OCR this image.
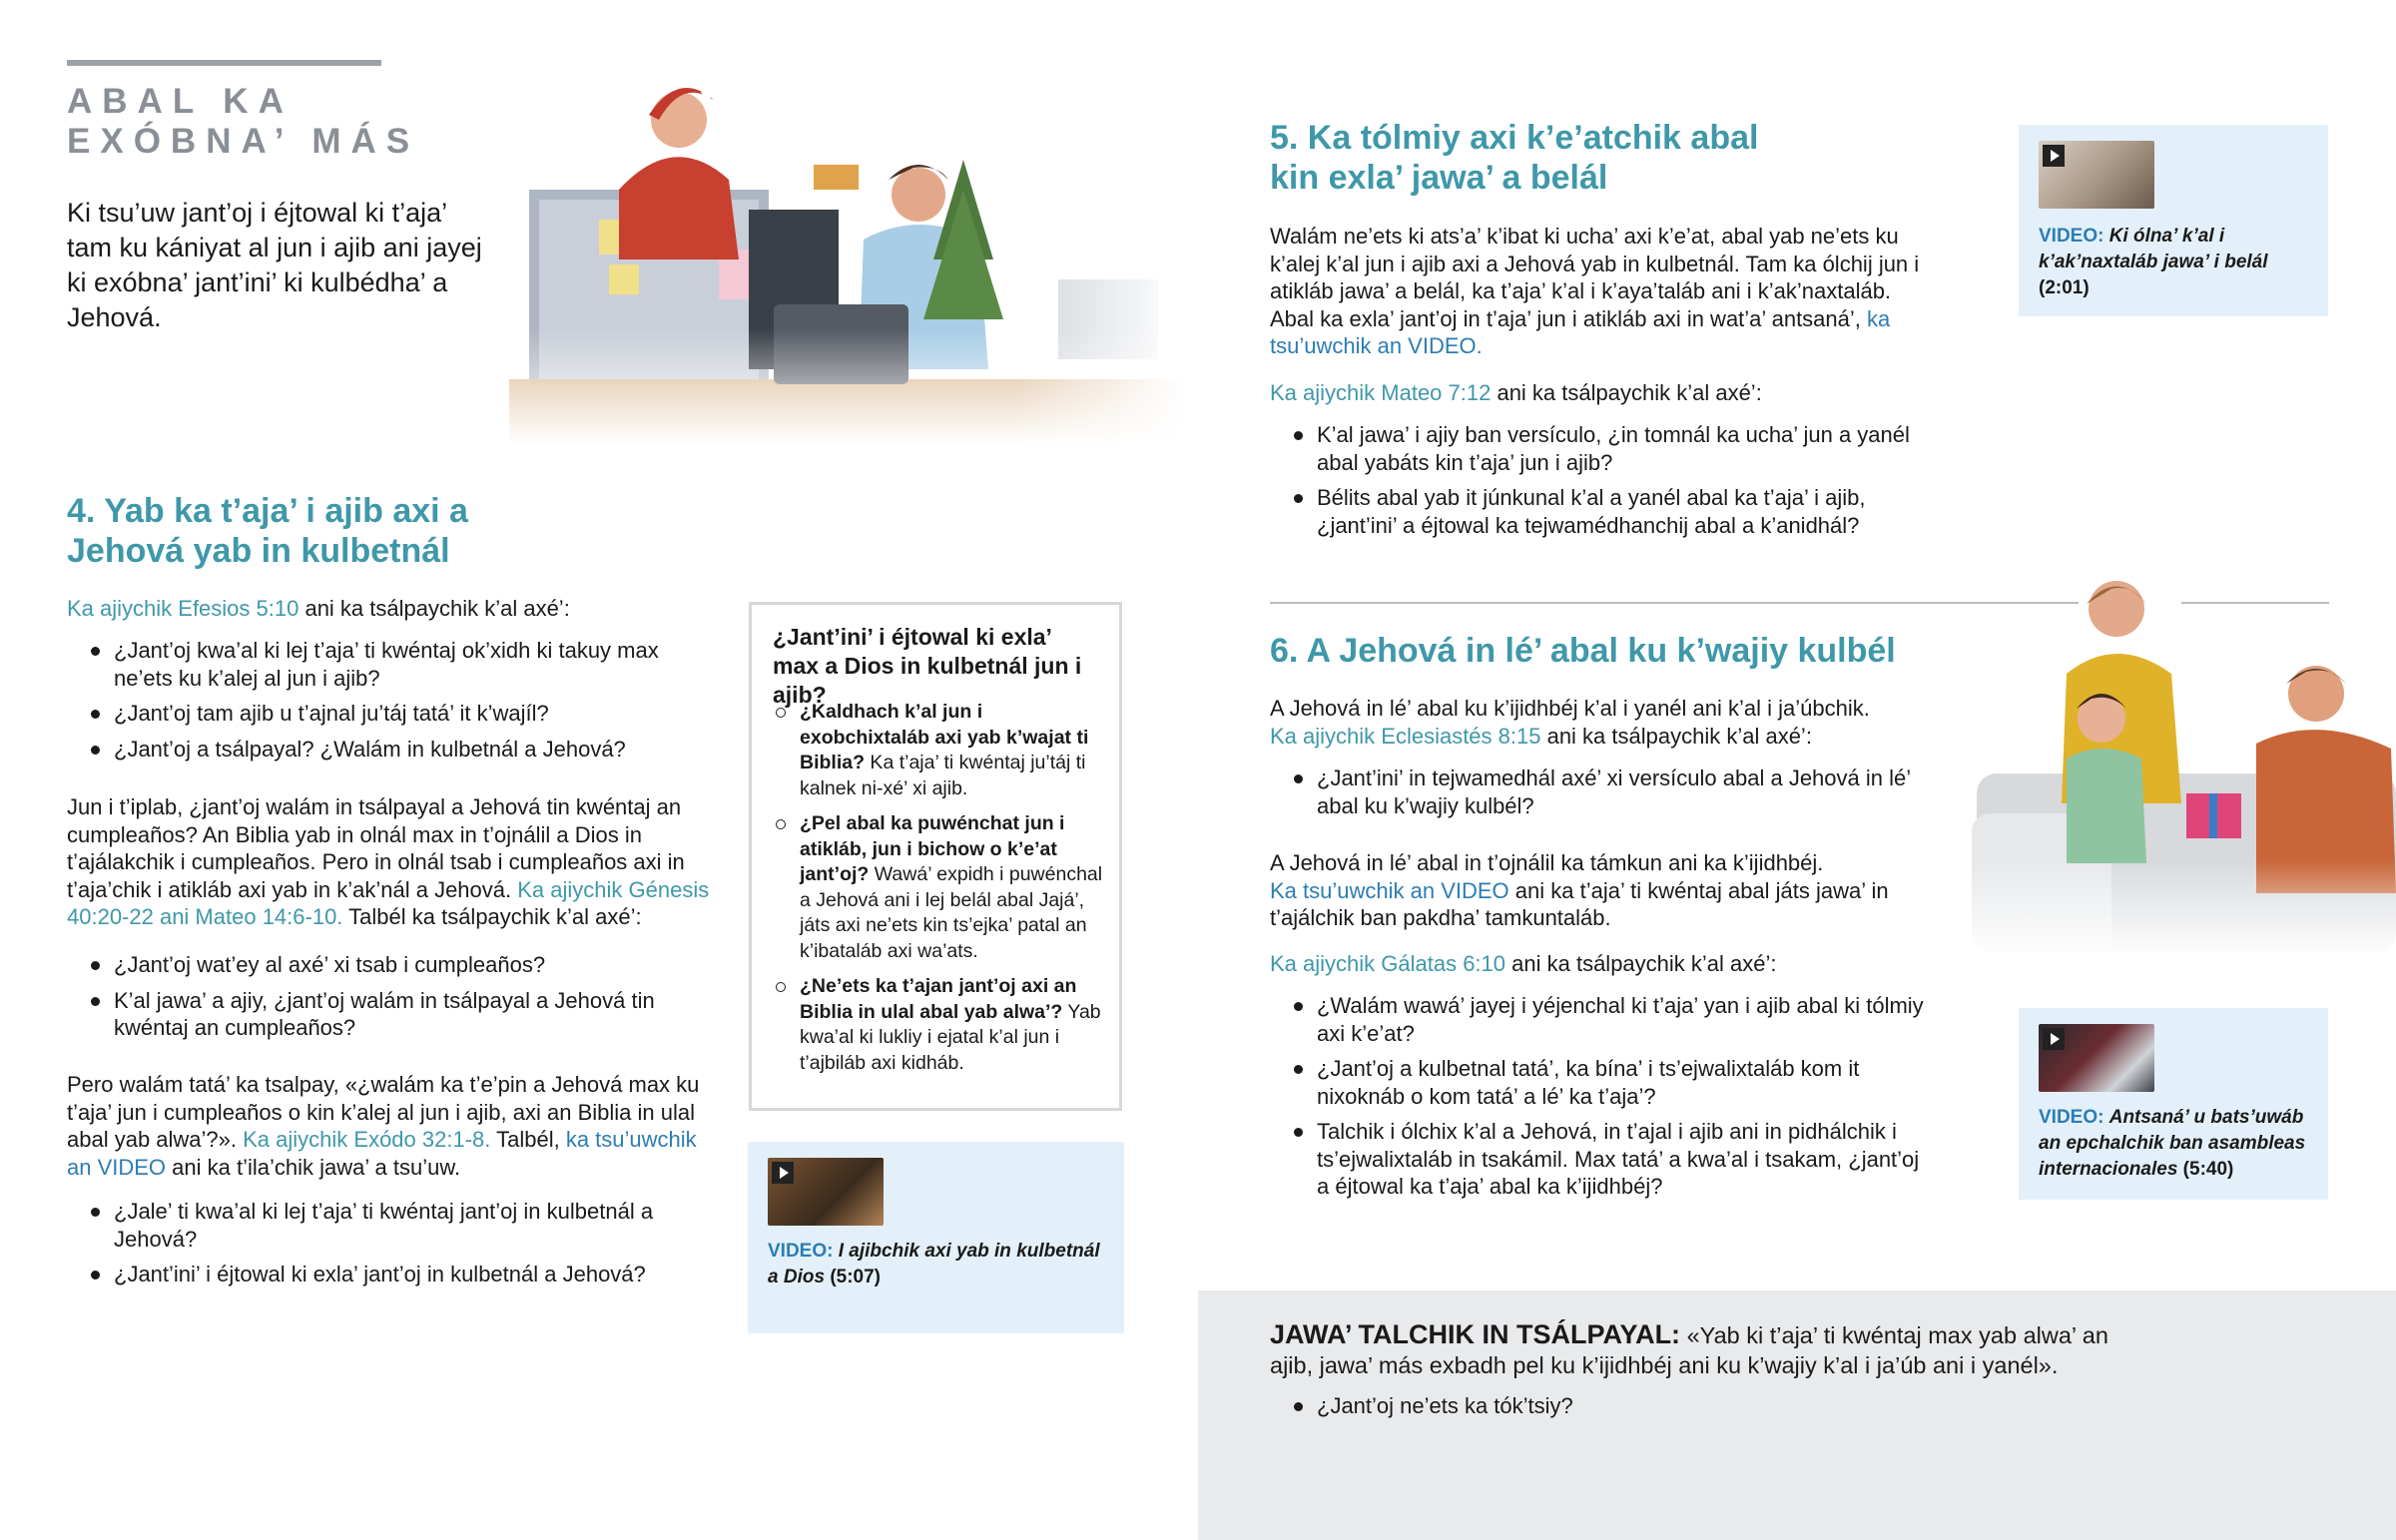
ABAL KA
EXÓBNA’ MÁS
Ki tsu’uw jant’oj i éjtowal ki t’aja’ tam ku kániyat al jun i ajib ani jayej ki exóbna’ jant’ini’ ki kulbédha’ a Jehová.
4. Yab ka t’aja’ i ajib axi a
Jehová yab in kulbetnál
Ka ajiychik Efesios 5:10 ani ka tsálpaychik k’al axé’:
¿Jant’oj kwa’al ki lej t’aja’ ti kwéntaj ok’xidh ki takuy max ne’ets ku k’alej al jun i ajib?
¿Jant’oj tam ajib u t’ajnal ju’táj tatá’ it k’wajíl?
¿Jant’oj a tsálpayal? ¿Walám in kulbetnál a Jehová?
Jun i t’iplab, ¿jant’oj walám in tsálpayal a Jehová tin kwéntaj an cumpleaños? An Biblia yab in olnál max in t’ojnálil a Dios in t’ajálakchik i cumpleaños. Pero in olnál tsab i cumpleaños axi in t’aja’chik i atikláb axi yab in k’ak’nál a Jehová. Ka ajiychik Génesis 40:20-22 ani Mateo 14:6-10. Talbél ka tsálpaychik k’al axé’:
¿Jant’oj wat’ey al axé’ xi tsab i cumpleaños?
K’al jawa’ a ajiy, ¿jant’oj walám in tsálpayal a Jehová tin kwéntaj an cumpleaños?
Pero walám tatá’ ka tsalpay, «¿walám ka t’e’pin a Jehová max ku t’aja’ jun i cumpleaños o kin k’alej al jun i ajib, axi an Biblia in ulal abal yab alwa’?». Ka ajiychik Exódo 32:1-8. Talbél, ka tsu’uwchik an VIDEO ani ka t’ila’chik jawa’ a tsu’uw.
¿Jale’ ti kwa’al ki lej t’aja’ ti kwéntaj jant’oj in kulbetnál a Jehová?
¿Jant’ini’ i éjtowal ki exla’ jant’oj in kulbetnál a Jehová?
¿Jant’ini’ i éjtowal ki exla’ max a Dios in kulbetnál jun i ajib?
¿Kaldhach k’al jun i exobchixtaláb axi yab k’wajat ti Biblia? Ka t’aja’ ti kwéntaj ju’táj ti kalnek ni-xé’ xi ajib.
¿Pel abal ka puwénchat jun i atikláb, jun i bichow o k’e’at jant’oj? Wawá’ expidh i puwénchal a Jehová ani i lej belál abal Jajá’, játs axi ne’ets kin ts’ejka’ patal an k’ibataláb axi wa’ats.
¿Ne’ets ka t’ajan jant’oj axi an Biblia in ulal abal yab alwa’? Yab kwa’al ki lukliy i ejatal k’al jun i t’ajbiláb axi kidháb.
VIDEO: I ajibchik axi yab in kulbetnál a Dios (5:07)
5. Ka tólmiy axi k’e’atchik abal
kin exla’ jawa’ a belál
Walám ne’ets ki ats’a’ k’ibat ki ucha’ axi k’e’at, abal yab ne’ets ku k’alej k’al jun i ajib axi a Jehová yab in kulbetnál. Tam ka ólchij jun i atikláb jawa’ a belál, ka t’aja’ k’al i k’aya’taláb ani i k’ak’naxtaláb. Abal ka exla’ jant’oj in t’aja’ jun i atikláb axi in wat’a’ antsaná’, ka tsu’uwchik an VIDEO.
Ka ajiychik Mateo 7:12 ani ka tsálpaychik k’al axé’:
K’al jawa’ i ajiy ban versículo, ¿in tomnál ka ucha’ jun a yanél abal yabáts kin t’aja’ jun i ajib?
Bélits abal yab it júnkunal k’al a yanél abal ka t’aja’ i ajib, ¿jant’ini’ a éjtowal ka tejwamédhanchij abal a k’anidhál?
VIDEO: Ki ólna’ k’al i k’ak’naxtaláb jawa’ i belál (2:01)
6. A Jehová in lé’ abal ku k’wajiy kulbél
A Jehová in lé’ abal ku k’ijidhbéj k’al i yanél ani k’al i ja’úbchik.
Ka ajiychik Eclesiastés 8:15 ani ka tsálpaychik k’al axé’:
¿Jant’ini’ in tejwamedhál axé’ xi versículo abal a Jehová in lé’ abal ku k’wajiy kulbél?
A Jehová in lé’ abal in t’ojnálil ka támkun ani ka k’ijidhbéj.
Ka tsu’uwchik an VIDEO ani ka t’aja’ ti kwéntaj abal játs jawa’ in t’ajálchik ban pakdha’ tamkuntaláb.
Ka ajiychik Gálatas 6:10 ani ka tsálpaychik k’al axé’:
¿Walám wawá’ jayej i yéjenchal ki t’aja’ yan i ajib abal ki tólmiy axi k’e’at?
¿Jant’oj a kulbetnal tatá’, ka bína’ i ts’ejwalixtaláb kom it nixoknáb o kom tatá’ a lé’ ka t’aja’?
Talchik i ólchix k’al a Jehová, in t’ajal i ajib ani in pidhálchik i ts’ejwalixtaláb in tsakámil. Max tatá’ a kwa’al i tsakam, ¿jant’oj a éjtowal ka t’aja’ abal ka k’ijidhbéj?
VIDEO: Antsaná’ u bats’uwáb an epchalchik ban asambleas internacionales (5:40)
JAWA’ TALCHIK IN TSÁLPAYAL: «Yab ki t’aja’ ti kwéntaj max yab alwa’ an ajib, jawa’ más exbadh pel ku k’ijidhbéj ani ku k’wajiy k’al i ja’úb ani i yanél».
¿Jant’oj ne’ets ka tók’tsiy?
